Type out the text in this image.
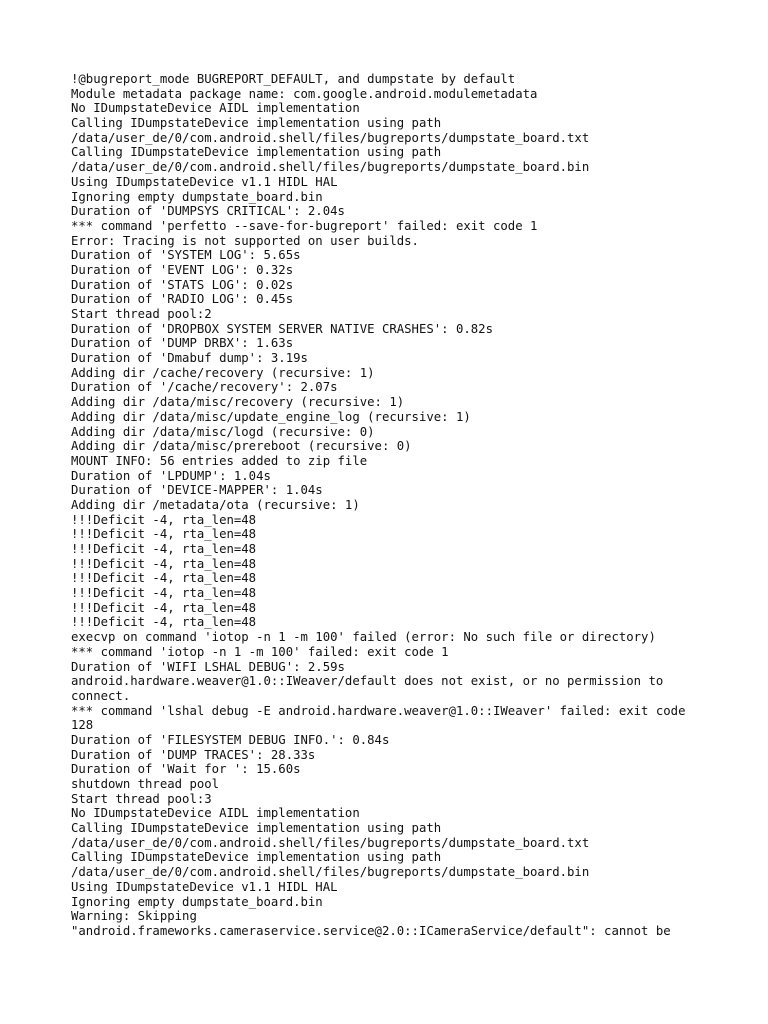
!@bugreport_mode BUGREPORT_DEFAULT, and dumpstate by default
Module metadata package name: com.google.android.modulemetadata
No IDumpstateDevice AIDL implementation
Calling IDumpstateDevice implementation using path
/data/user_de/0/com.android.shell/files/bugreports/dumpstate_board.txt
Calling IDumpstateDevice implementation using path
/data/user_de/0/com.android.shell/files/bugreports/dumpstate_board.bin
Using IDumpstateDevice v1.1 HIDL HAL
Ignoring empty dumpstate_board.bin
Duration of 'DUMPSYS CRITICAL': 2.04s
*** command 'perfetto --save-for-bugreport' failed: exit code 1
Error: Tracing is not supported on user builds.
Duration of 'SYSTEM LOG': 5.65s
Duration of 'EVENT LOG': 0.32s
Duration of 'STATS LOG': 0.02s
Duration of 'RADIO LOG': 0.45s
Start thread pool:2
Duration of 'DROPBOX SYSTEM SERVER NATIVE CRASHES': 0.82s
Duration of 'DUMP DRBX': 1.63s
Duration of 'Dmabuf dump': 3.19s
Adding dir /cache/recovery (recursive: 1)
Duration of '/cache/recovery': 2.07s
Adding dir /data/misc/recovery (recursive: 1)
Adding dir /data/misc/update_engine_log (recursive: 1)
Adding dir /data/misc/logd (recursive: 0)
Adding dir /data/misc/prereboot (recursive: 0)
MOUNT INFO: 56 entries added to zip file
Duration of 'LPDUMP': 1.04s
Duration of 'DEVICE-MAPPER': 1.04s
Adding dir /metadata/ota (recursive: 1)
!!!Deficit -4, rta_len=48
!!!Deficit -4, rta_len=48
!!!Deficit -4, rta_len=48
!!!Deficit -4, rta_len=48
!!!Deficit -4, rta_len=48
!!!Deficit -4, rta_len=48
!!!Deficit -4, rta_len=48
!!!Deficit -4, rta_len=48
execvp on command 'iotop -n 1 -m 100' failed (error: No such file or directory)
*** command 'iotop -n 1 -m 100' failed: exit code 1
Duration of 'WIFI LSHAL DEBUG': 2.59s
android.hardware.weaver@1.0::IWeaver/default does not exist, or no permission to
connect.
*** command 'lshal debug -E android.hardware.weaver@1.0::IWeaver' failed: exit code
128
Duration of 'FILESYSTEM DEBUG INFO.': 0.84s
Duration of 'DUMP TRACES': 28.33s
Duration of 'Wait for ': 15.60s
shutdown thread pool
Start thread pool:3
No IDumpstateDevice AIDL implementation
Calling IDumpstateDevice implementation using path
/data/user_de/0/com.android.shell/files/bugreports/dumpstate_board.txt
Calling IDumpstateDevice implementation using path
/data/user_de/0/com.android.shell/files/bugreports/dumpstate_board.bin
Using IDumpstateDevice v1.1 HIDL HAL
Ignoring empty dumpstate_board.bin
Warning: Skipping
"android.frameworks.cameraservice.service@2.0::ICameraService/default": cannot be
